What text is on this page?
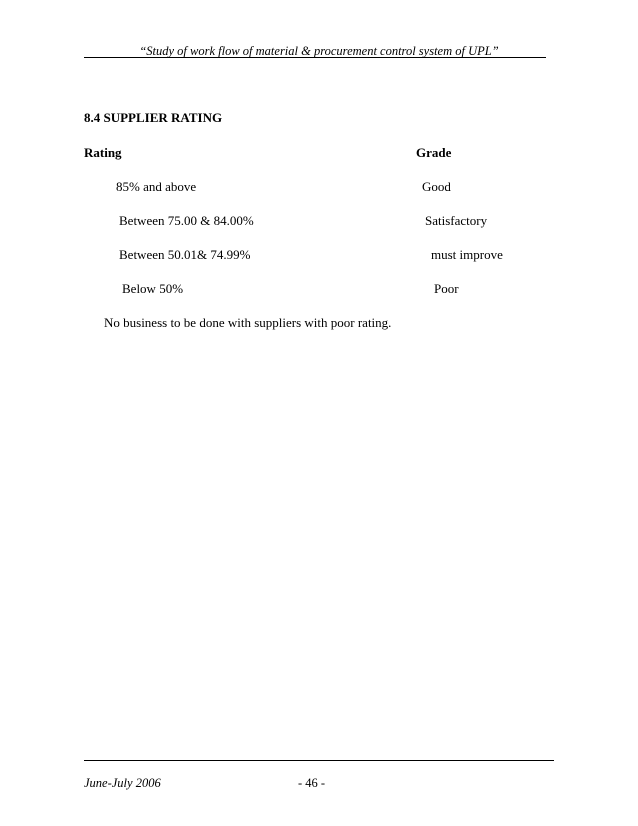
“Study of work flow of material & procurement control system of UPL”
8.4 SUPPLIER RATING
Rating	Grade
85% and above	Good
Between 75.00 & 84.00%	Satisfactory
Between 50.01& 74.99%	must improve
Below 50%	Poor
No business to be done with suppliers with poor rating.
June-July 2006	- 46 -
